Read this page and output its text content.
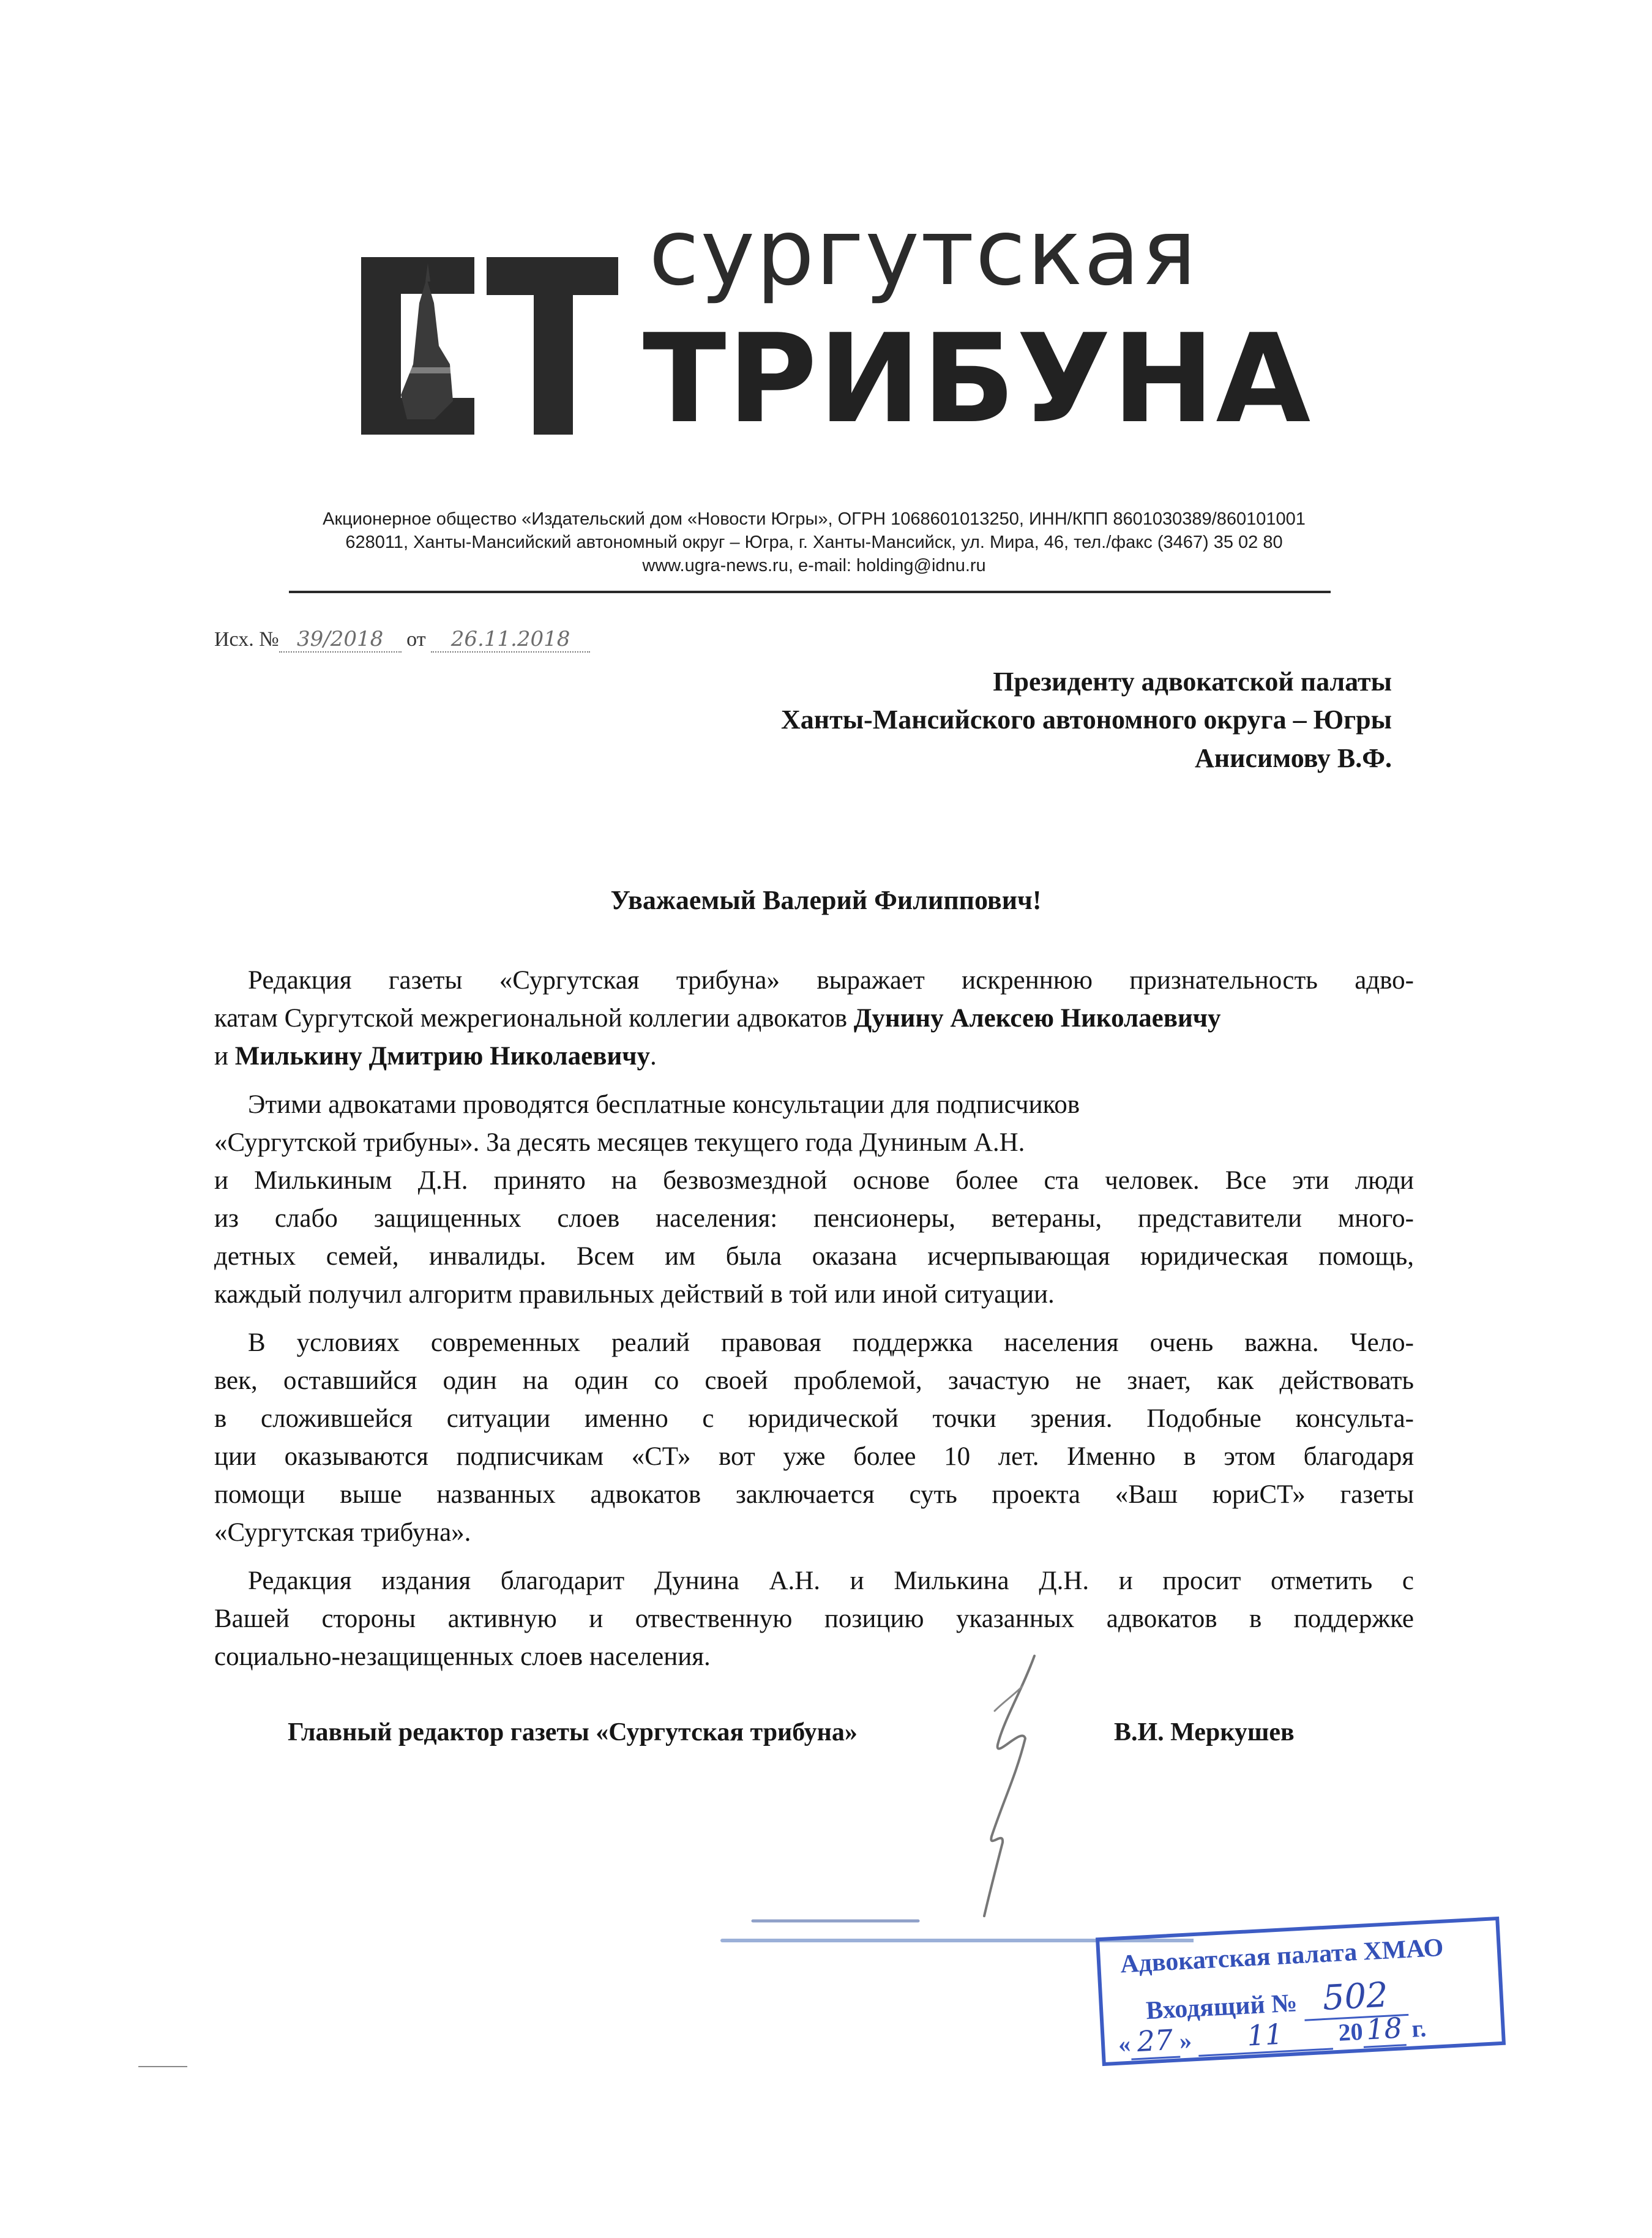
сургутская
ТРИБУНА
Акционерное общество «Издательский дом «Новости Югры», ОГРН 1068601013250, ИНН/КПП 8601030389/860101001
628011, Ханты-Мансийский автономный округ – Югра, г. Ханты-Мансийск, ул. Мира, 46, тел./факс (3467) 35 02 80
www.ugra-news.ru, e-mail: holding@idnu.ru
Исх. № 39/2018 от 26.11.2018
Президенту адвокатской палаты
Ханты-Мансийского автономного округа – Югры
Анисимову В.Ф.
Уважаемый Валерий Филиппович!
Редакция газеты «Сургутская трибуна» выражает искреннюю признательность адво-
катам Сургутской межрегиональной коллегии адвокатов Дунину Алексею Николаевичу
и Милькину Дмитрию Николаевичу.
Этими адвокатами проводятся бесплатные консультации для подписчиков
«Сургутской трибуны». За десять месяцев текущего года Дуниным А.Н.
и Милькиным Д.Н. принято на безвозмездной основе более ста человек. Все эти люди
из слабо защищенных слоев населения: пенсионеры, ветераны, представители много-
детных семей, инвалиды. Всем им была оказана исчерпывающая юридическая помощь,
каждый получил алгоритм правильных действий в той или иной ситуации.
В условиях современных реалий правовая поддержка населения очень важна. Чело-
век, оставшийся один на один со своей проблемой, зачастую не знает, как действовать
в сложившейся ситуации именно с юридической точки зрения. Подобные консульта-
ции оказываются подписчикам «СТ» вот уже более 10 лет. Именно в этом благодаря
помощи выше названных адвокатов заключается суть проекта «Ваш юриСТ» газеты
«Сургутская трибуна».
Редакция издания благодарит Дунина А.Н. и Милькина Д.Н. и просит отметить с
Вашей стороны активную и отвественную позицию указанных адвокатов в поддержке
социально-незащищенных слоев населения.
Главный редактор газеты «Сургутская трибуна»	В.И. Меркушев
Адвокатская палата ХМАО
Входящий № 502
« 27 » 11 2018 г.
